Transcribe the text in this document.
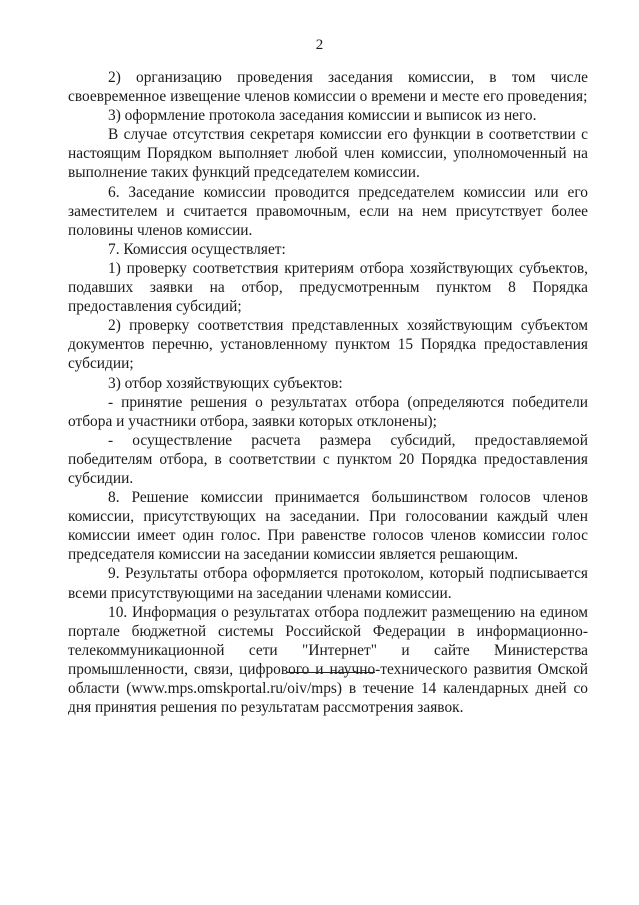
2

2) организацию проведения заседания комиссии, в том числе своевременное извещение членов комиссии о времени и месте его проведения;

3) оформление протокола заседания комиссии и выписок из него.

В случае отсутствия секретаря комиссии его функции в соответствии с настоящим Порядком выполняет любой член комиссии, уполномоченный на выполнение таких функций председателем комиссии.

6. Заседание комиссии проводится председателем комиссии или его заместителем и считается правомочным, если на нем присутствует более половины членов комиссии.

7. Комиссия осуществляет:

1) проверку соответствия критериям отбора хозяйствующих субъектов, подавших заявки на отбор, предусмотренным пунктом 8 Порядка предоставления субсидий;

2) проверку соответствия представленных хозяйствующим субъектом документов перечню, установленному пунктом 15 Порядка предоставления субсидии;

3) отбор хозяйствующих субъектов:

- принятие решения о результатах отбора (определяются победители отбора и участники отбора, заявки которых отклонены);

- осуществление расчета размера субсидий, предоставляемой победителям отбора, в соответствии с пунктом 20 Порядка предоставления субсидии.

8. Решение комиссии принимается большинством голосов членов комиссии, присутствующих на заседании. При голосовании каждый член комиссии имеет один голос. При равенстве голосов членов комиссии голос председателя комиссии на заседании комиссии является решающим.

9. Результаты отбора оформляется протоколом, который подписывается всеми присутствующими на заседании членами комиссии.

10. Информация о результатах отбора подлежит размещению на едином портале бюджетной системы Российской Федерации в информационно-телекоммуникационной сети "Интернет" и сайте Министерства промышленности, связи, цифрового и научно-технического развития Омской области (www.mps.omskportal.ru/oiv/mps) в течение 14 календарных дней со дня принятия решения по результатам рассмотрения заявок.
